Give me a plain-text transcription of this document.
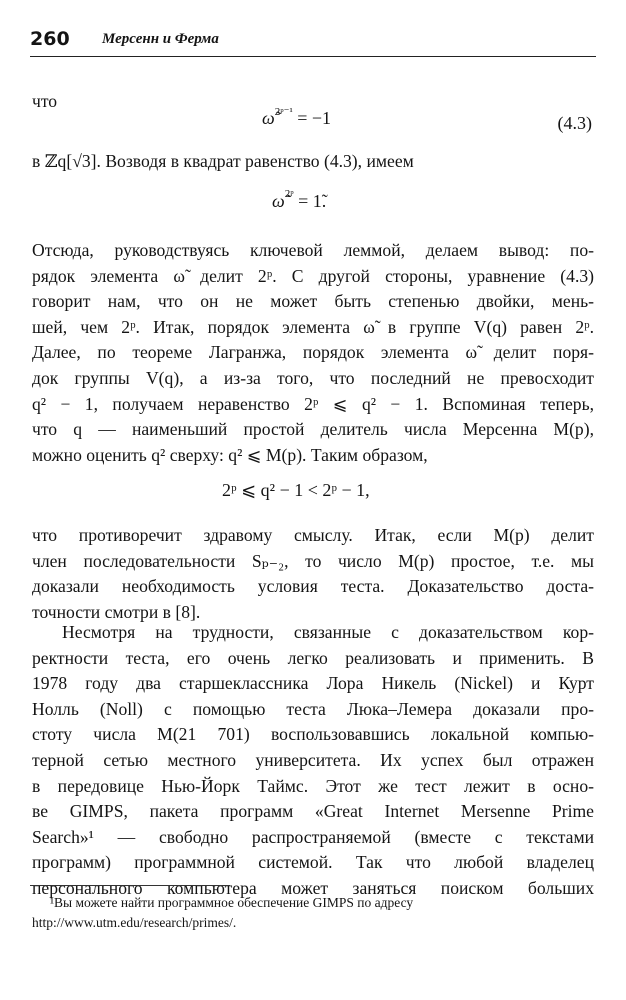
260 Мерсенн и Ферма
что
ω̃$^{2ᵖ^{-1}}$ = −1	(4.3)
в ℤq[√3]. Возводя в квадрат равенство (4.3), имеем
ω̃$^{2ᵖ}$ = 1̃.
Отсюда, руководствуясь ключевой леммой, делаем вывод: по-
рядок элемента ω̃ делит 2ᵖ. С другой стороны, уравнение (4.3)
говорит нам, что он не может быть степенью двойки, мень-
шей, чем 2ᵖ. Итак, порядок элемента ω̃ в группе V(q) равен 2ᵖ.
Далее, по теореме Лагранжа, порядок элемента ω̃ делит поря-
док группы V(q), а из-за того, что последний не превосходит
q² − 1, получаем неравенство 2ᵖ ⩽ q² − 1. Вспоминая теперь,
что q — наименьший простой делитель числа Мерсенна M(p),
можно оценить q² сверху: q² ⩽ M(p). Таким образом,
2ᵖ ⩽ q² − 1 < 2ᵖ − 1,
что противоречит здравому смыслу. Итак, если M(p) делит
член последовательности Sₚ₋₂, то число M(p) простое, т.е. мы
доказали необходимость условия теста. Доказательство доста-
точности смотри в [8].
Несмотря на трудности, связанные с доказательством кор-
ректности теста, его очень легко реализовать и применить. В
1978 году два старшеклассника Лора Никель (Nickel) и Курт
Нолль (Noll) с помощью теста Люка–Лемера доказали про-
стоту числа M(21 701) воспользовавшись локальной компью-
терной сетью местного университета. Их успех был отражен
в передовице Нью-Йорк Таймс. Этот же тест лежит в осно-
ве GIMPS, пакета программ «Great Internet Mersenne Prime
Search»¹ — свободно распространяемой (вместе с текстами
программ) программной системой. Так что любой владелец
персонального компьютера может заняться поиском больших
¹Вы можете найти программное обеспечение GIMPS по адресу
http://www.utm.edu/research/primes/.
